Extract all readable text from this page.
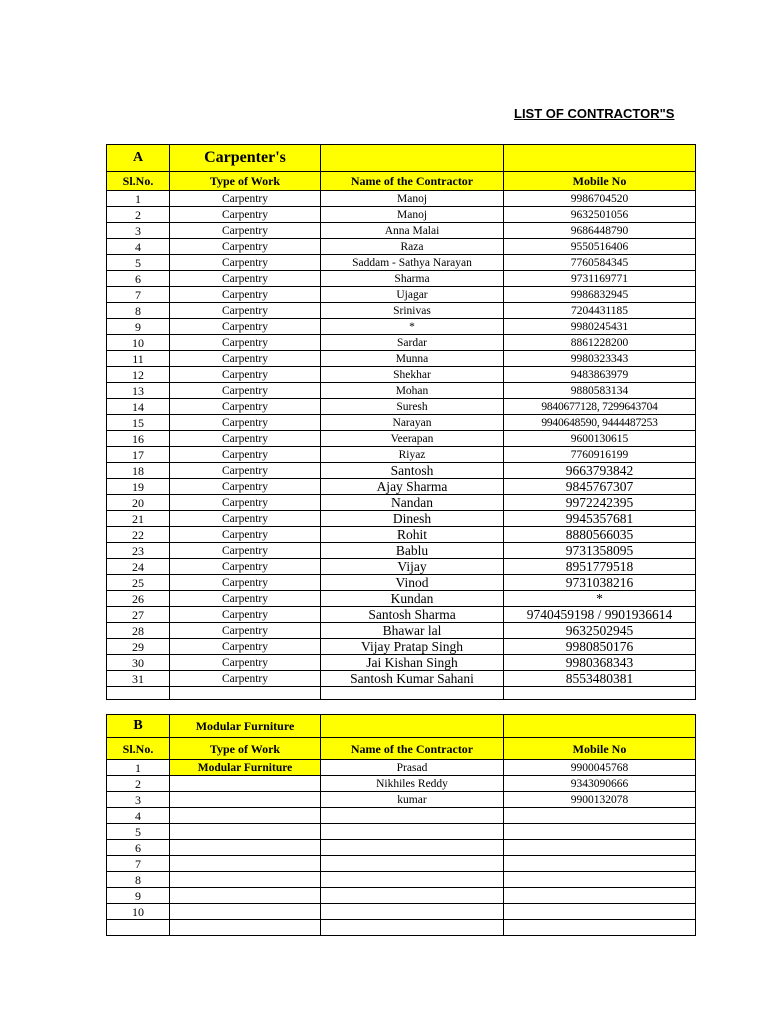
LIST OF CONTRACTOR"S
A	Carpenter's		
Sl.No.	Type of Work	Name of the Contractor	Mobile No
1	Carpentry	Manoj	9986704520
2	Carpentry	Manoj	9632501056
3	Carpentry	Anna Malai	9686448790
4	Carpentry	Raza	9550516406
5	Carpentry	Saddam - Sathya Narayan	7760584345
6	Carpentry	Sharma	9731169771
7	Carpentry	Ujagar	9986832945
8	Carpentry	Srinivas	7204431185
9	Carpentry	*	9980245431
10	Carpentry	Sardar	8861228200
11	Carpentry	Munna	9980323343
12	Carpentry	Shekhar	9483863979
13	Carpentry	Mohan	9880583134
14	Carpentry	Suresh	9840677128, 7299643704
15	Carpentry	Narayan	9940648590, 9444487253
16	Carpentry	Veerapan	9600130615
17	Carpentry	Riyaz	7760916199
18	Carpentry	Santosh	9663793842
19	Carpentry	Ajay Sharma	9845767307
20	Carpentry	Nandan	9972242395
21	Carpentry	Dinesh	9945357681
22	Carpentry	Rohit	8880566035
23	Carpentry	Bablu	9731358095
24	Carpentry	Vijay	8951779518
25	Carpentry	Vinod	9731038216
26	Carpentry	Kundan	*
27	Carpentry	Santosh Sharma	9740459198 / 9901936614
28	Carpentry	Bhawar lal	9632502945
29	Carpentry	Vijay Pratap Singh	9980850176
30	Carpentry	Jai Kishan Singh	9980368343
31	Carpentry	Santosh Kumar Sahani	8553480381

B	Modular Furniture		
Sl.No.	Type of Work	Name of the Contractor	Mobile No
1	Modular Furniture	Prasad	9900045768
2		Nikhiles Reddy	9343090666
3		kumar	9900132078
4			
5			
6			
7			
8			
9			
10			
